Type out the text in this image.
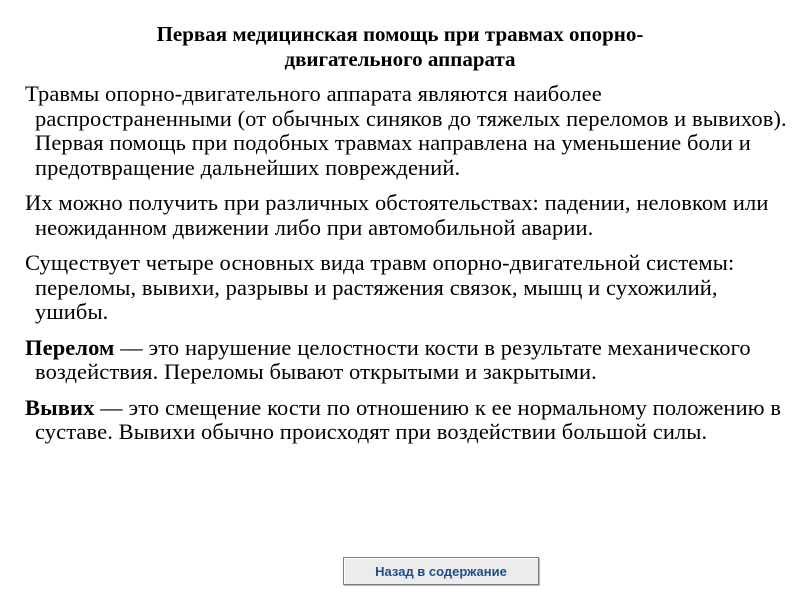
Первая медицинская помощь при травмах опорно-
двигательного аппарата

Травмы опорно-двигательного аппарата являются наиболее распространенными (от обычных синяков до тяжелых переломов и вывихов). Первая помощь при подобных травмах направлена на уменьшение боли и предотвращение дальнейших повреждений.

Их можно получить при различных обстоятельствах: падении, неловком или неожиданном движении либо при автомобильной аварии.

Существует четыре основных вида травм опорно-двигательной системы: переломы, вывихи, разрывы и растяжения связок, мышц и сухожилий, ушибы.

Перелом — это нарушение целостности кости в результате механического воздействия. Переломы бывают открытыми и закрытыми.

Вывих — это смещение кости по отношению к ее нормальному положению в суставе. Вывихи обычно происходят при воздействии большой силы.

Назад в содержание
